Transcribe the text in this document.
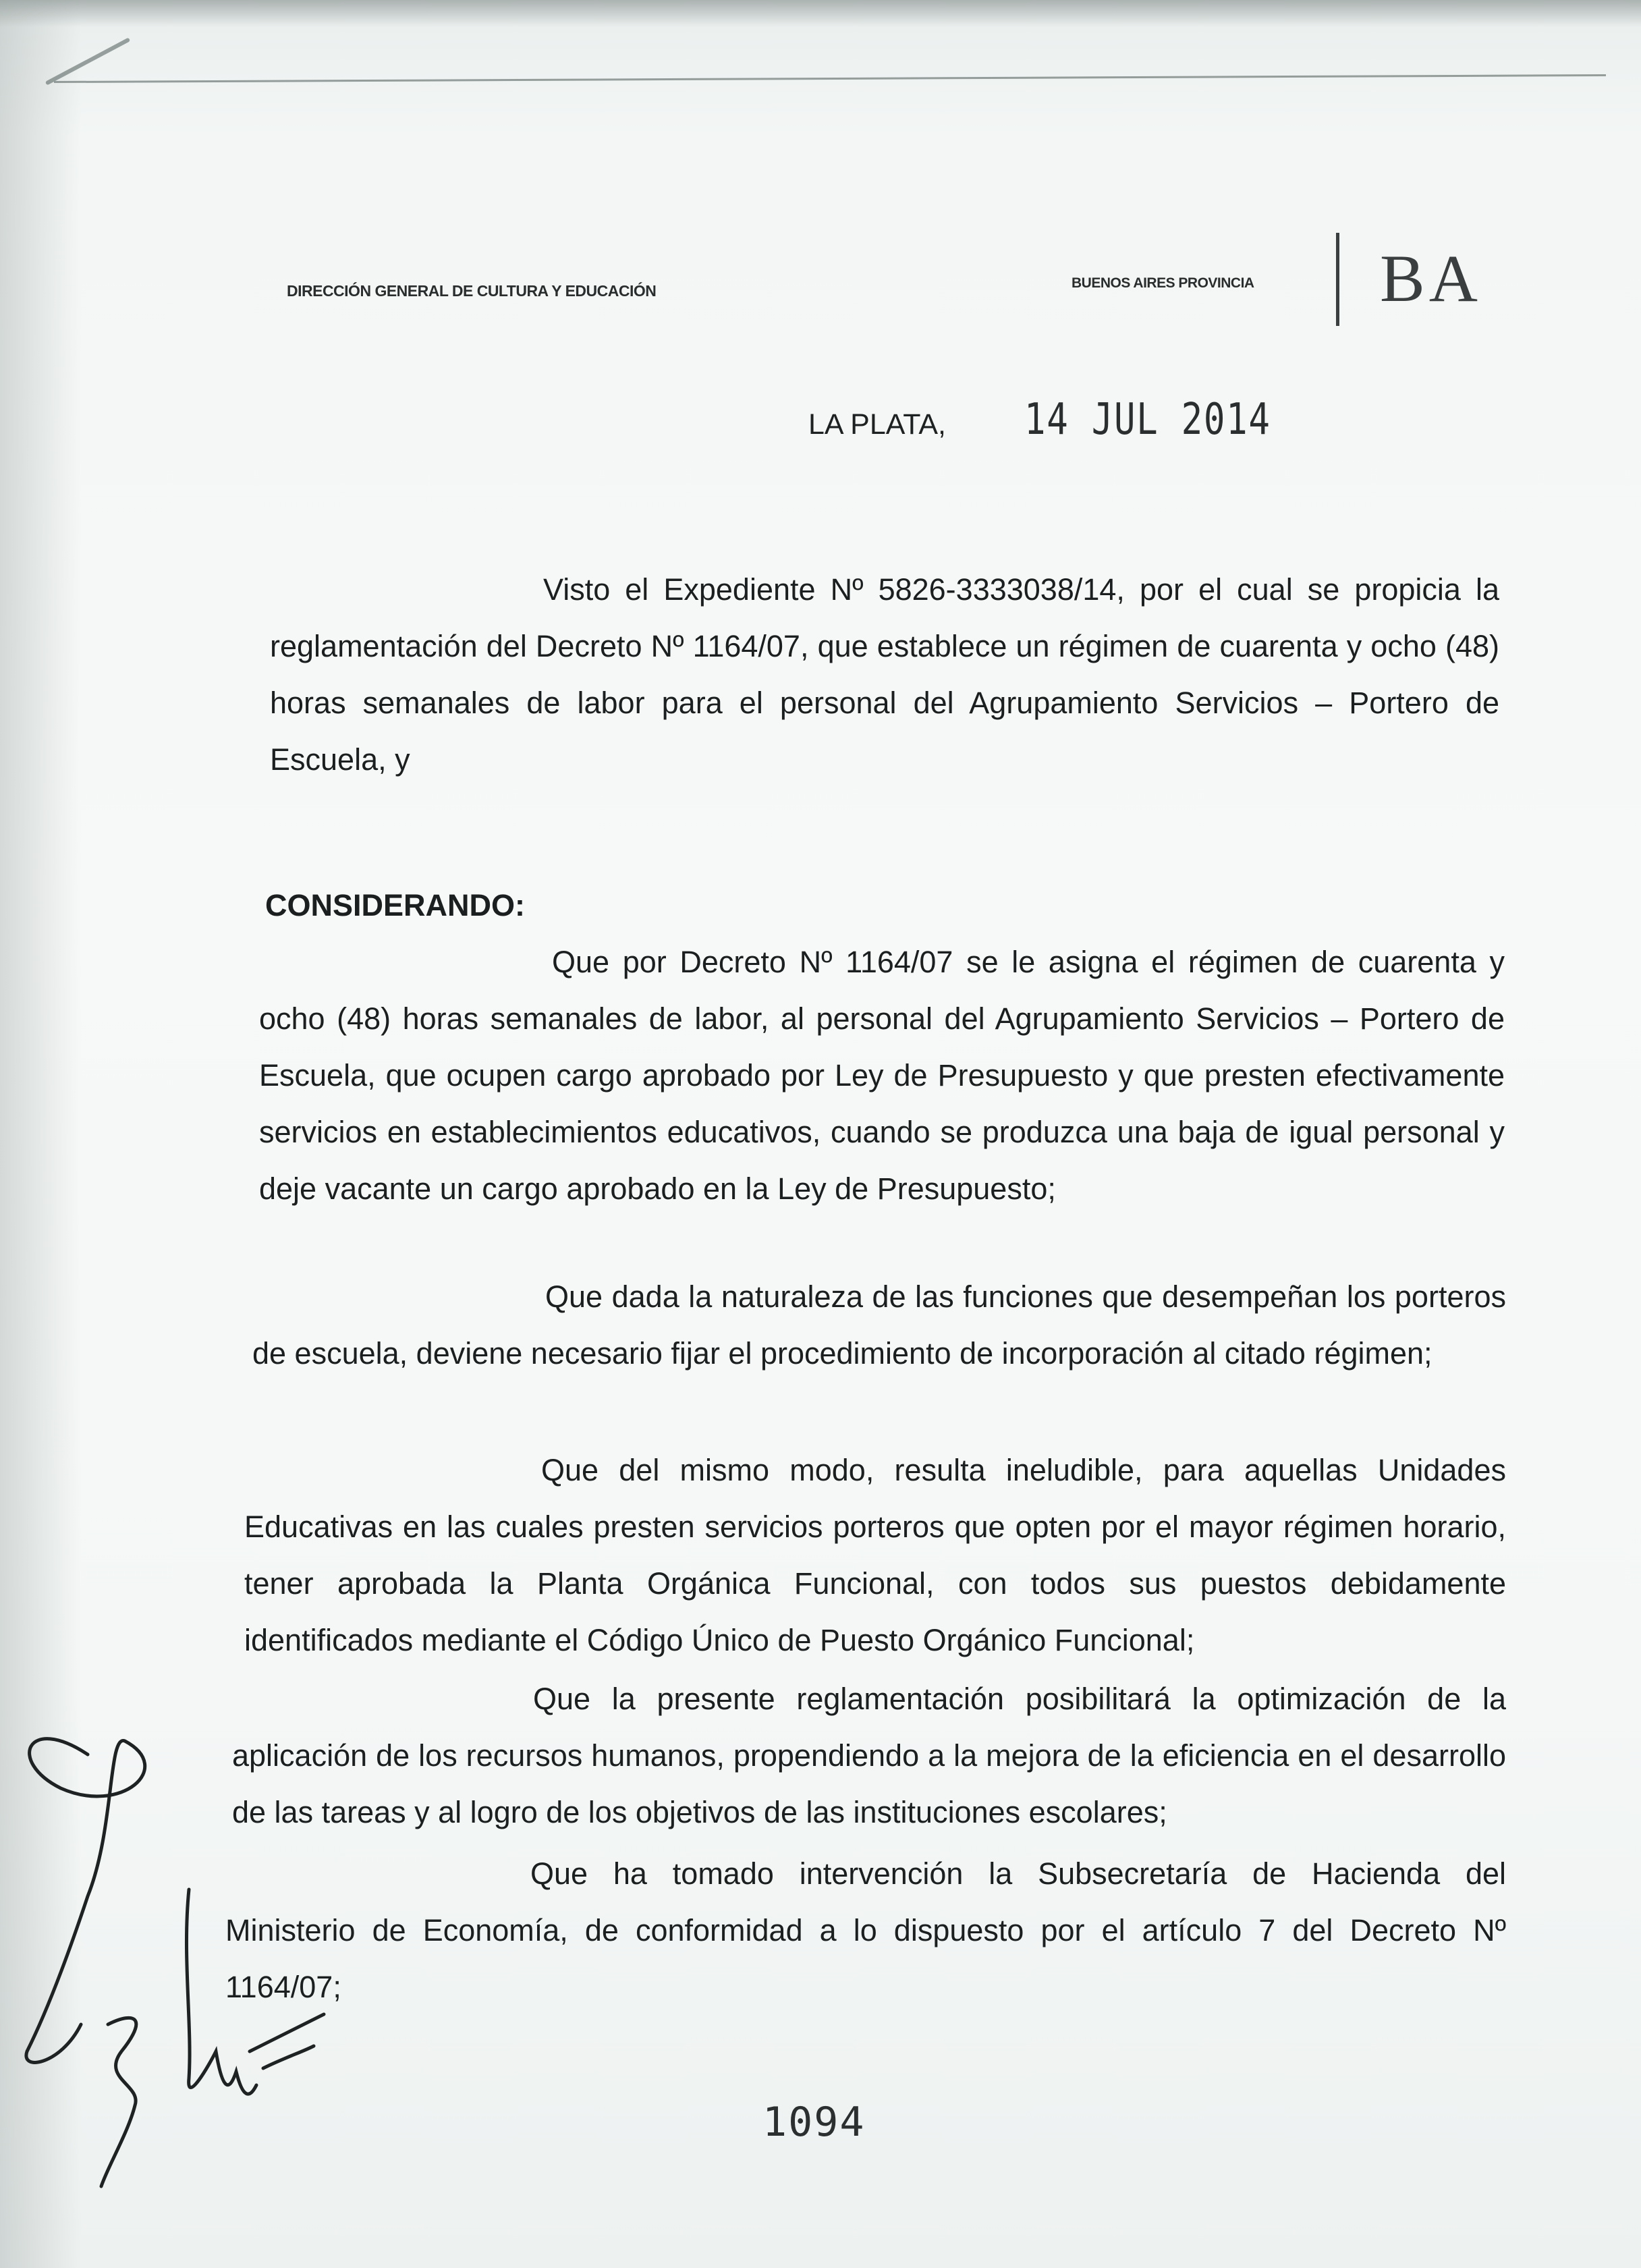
DIRECCIÓN GENERAL DE CULTURA Y EDUCACIÓN	BUENOS AIRES PROVINCIA BA
LA PLATA, 14 JUL 2014

Visto el Expediente Nº 5826-3333038/14, por el cual se propicia la reglamentación del Decreto Nº 1164/07, que establece un régimen de cuarenta y ocho (48) horas semanales de labor para el personal del Agrupamiento Servicios – Portero de Escuela, y

CONSIDERANDO:

Que por Decreto Nº 1164/07 se le asigna el régimen de cuarenta y ocho (48) horas semanales de labor, al personal del Agrupamiento Servicios – Portero de Escuela, que ocupen cargo aprobado por Ley de Presupuesto y que presten efectivamente servicios en establecimientos educativos, cuando se produzca una baja de igual personal y deje vacante un cargo aprobado en la Ley de Presupuesto;

Que dada la naturaleza de las funciones que desempeñan los porteros de escuela, deviene necesario fijar el procedimiento de incorporación al citado régimen;

Que del mismo modo, resulta ineludible, para aquellas Unidades Educativas en las cuales presten servicios porteros que opten por el mayor régimen horario, tener aprobada la Planta Orgánica Funcional, con todos sus puestos debidamente identificados mediante el Código Único de Puesto Orgánico Funcional;

Que la presente reglamentación posibilitará la optimización de la aplicación de los recursos humanos, propendiendo a la mejora de la eficiencia en el desarrollo de las tareas y al logro de los objetivos de las instituciones escolares;

Que ha tomado intervención la Subsecretaría de Hacienda del Ministerio de Economía, de conformidad a lo dispuesto por el artículo 7 del Decreto Nº 1164/07;

1094
